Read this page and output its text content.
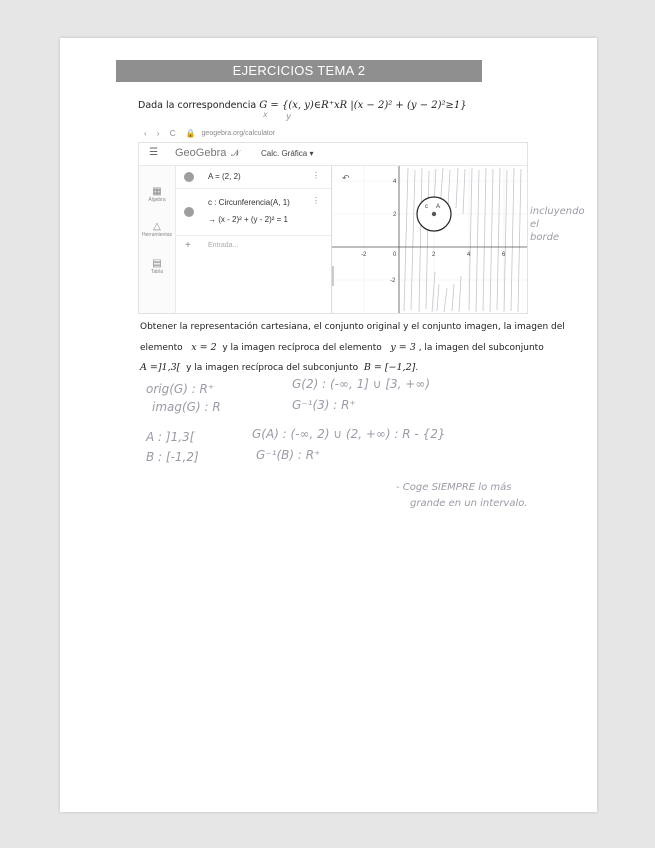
EJERCICIOS TEMA 2
Dada la correspondencia G = {(x, y)∈R⁺xR |(x − 2)² + (y − 2)²≥1}
x y
‹ › C 🔒 geogebra.org/calculator
☰ GeoGebra 𝒩	Calc. Gráfica ▾
▦
Álgebra
△
Herramientas
▤
Tabla
A = (2, 2)	⋮
c : Circunferencia(A, 1)
→ (x - 2)² + (y - 2)² = 1
⋮
+ Entrada...
-2	0	2	4	6
4
2
-2
c A
↶
incluyendo
el
borde
Obtener la representación cartesiana, el conjunto original y el conjunto imagen, la imagen del
elemento x = 2 y la imagen recíproca del elemento y = 3 , la imagen del subconjunto
A =]1,3[ y la imagen recíproca del subconjunto B = [−1,2].
orig(G) : R⁺
imag(G) : R
G(2) : (-∞, 1] ∪ [3, +∞)
G⁻¹(3) : R⁺
A : ]1,3[
B : [-1,2]
G(A) : (-∞, 2) ∪ (2, +∞) : R - {2}
G⁻¹(B) : R⁺
- Coge SIEMPRE lo más
grande en un intervalo.
